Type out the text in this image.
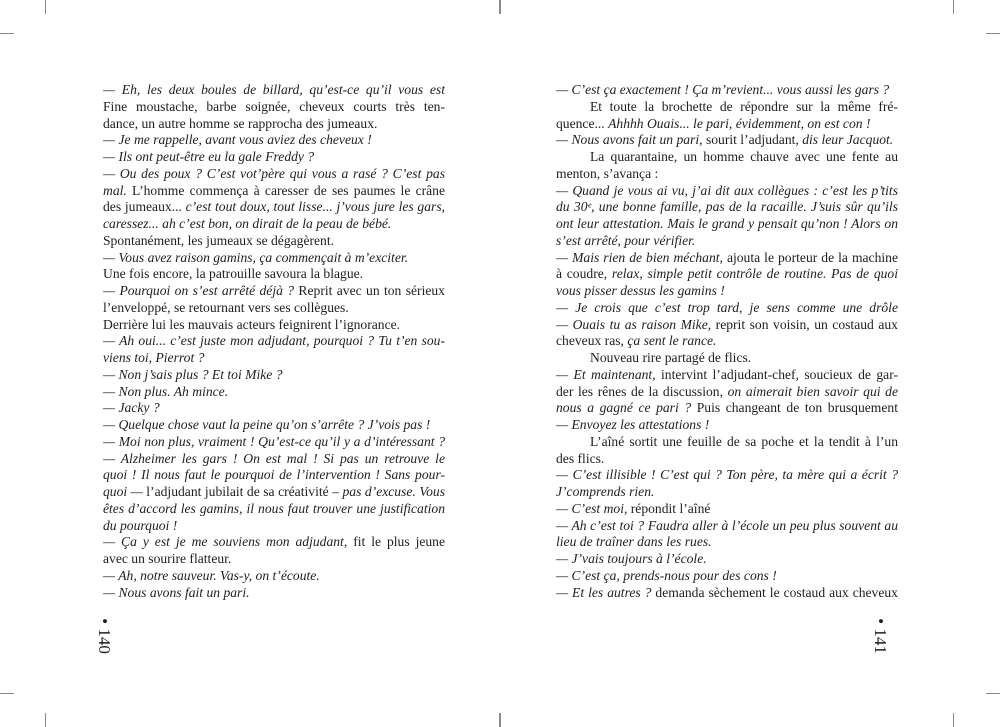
— Eh, les deux boules de billard, qu’est-ce qu’il vous est
Fine moustache, barbe soignée, cheveux courts très ten-
dance, un autre homme se rapprocha des jumeaux.
— Je me rappelle, avant vous aviez des cheveux !
— Ils ont peut-être eu la gale Freddy ?
— Ou des poux ? C’est vot’père qui vous a rasé ? C’est pas
mal. L’homme commença à caresser de ses paumes le crâne
des jumeaux... c’est tout doux, tout lisse... j’vous jure les gars,
caressez... ah c’est bon, on dirait de la peau de bébé.
Spontanément, les jumeaux se dégagèrent.
— Vous avez raison gamins, ça commençait à m’exciter.
Une fois encore, la patrouille savoura la blague.
— Pourquoi on s’est arrêté déjà ? Reprit avec un ton sérieux
l’enveloppé, se retournant vers ses collègues.
Derrière lui les mauvais acteurs feignirent l’ignorance.
— Ah oui... c’est juste mon adjudant, pourquoi ? Tu t’en sou-
viens toi, Pierrot ?
— Non j’sais plus ? Et toi Mike ?
— Non plus. Ah mince.
— Jacky ?
— Quelque chose vaut la peine qu’on s’arrête ? J’vois pas !
— Moi non plus, vraiment ! Qu’est-ce qu’il y a d’intéressant ?
— Alzheimer les gars ! On est mal ! Si pas un retrouve le
quoi ! Il nous faut le pourquoi de l’intervention ! Sans pour-
quoi — l’adjudant jubilait de sa créativité – pas d’excuse. Vous
êtes d’accord les gamins, il nous faut trouver une justification
du pourquoi !
— Ça y est je me souviens mon adjudant, fit le plus jeune
avec un sourire flatteur.
— Ah, notre sauveur. Vas-y, on t’écoute.
— Nous avons fait un pari.
— C’est ça exactement ! Ça m’revient... vous aussi les gars ?
Et toute la brochette de répondre sur la même fré-
quence... Ahhhh Ouais... le pari, évidemment, on est con !
— Nous avons fait un pari, sourit l’adjudant, dis leur Jacquot.
La quarantaine, un homme chauve avec une fente au
menton, s’avança :
— Quand je vous ai vu, j’ai dit aux collègues : c’est les p’tits
du 30ᵉ, une bonne famille, pas de la racaille. J’suis sûr qu’ils
ont leur attestation. Mais le grand y pensait qu’non ! Alors on
s’est arrêté, pour vérifier.
— Mais rien de bien méchant, ajouta le porteur de la machine
à coudre, relax, simple petit contrôle de routine. Pas de quoi
vous pisser dessus les gamins !
— Je crois que c’est trop tard, je sens comme une drôle
— Ouais tu as raison Mike, reprit son voisin, un costaud aux
cheveux ras, ça sent le rance.
Nouveau rire partagé de flics.
— Et maintenant, intervint l’adjudant-chef, soucieux de gar-
der les rênes de la discussion, on aimerait bien savoir qui de
nous a gagné ce pari ? Puis changeant de ton brusquement
— Envoyez les attestations !
L’aîné sortit une feuille de sa poche et la tendit à l’un
des flics.
— C’est illisible ! C’est qui ? Ton père, ta mère qui a écrit ?
J’comprends rien.
— C’est moi, répondit l’aîné
— Ah c’est toi ? Faudra aller à l’école un peu plus souvent au
lieu de traîner dans les rues.
— J’vais toujours à l’école.
— C’est ça, prends-nous pour des cons !
— Et les autres ? demanda sèchement le costaud aux cheveux
• 140
• 141
